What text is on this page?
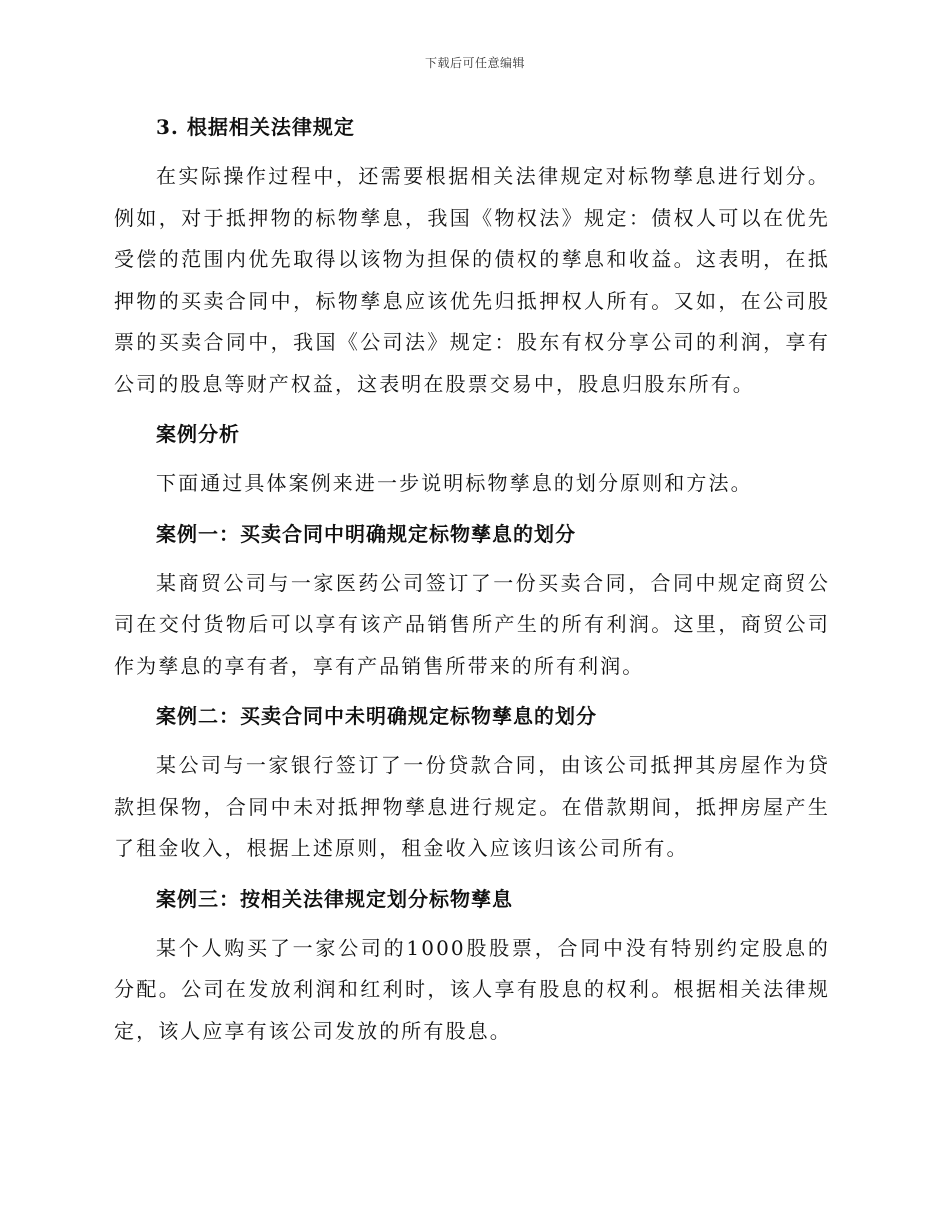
下载后可任意编辑

3. 根据相关法律规定

在实际操作过程中，还需要根据相关法律规定对标物孳息进行划分。例如，对于抵押物的标物孳息，我国《物权法》规定：债权人可以在优先受偿的范围内优先取得以该物为担保的债权的孳息和收益。这表明，在抵押物的买卖合同中，标物孳息应该优先归抵押权人所有。又如，在公司股票的买卖合同中，我国《公司法》规定：股东有权分享公司的利润，享有公司的股息等财产权益，这表明在股票交易中，股息归股东所有。

案例分析

下面通过具体案例来进一步说明标物孳息的划分原则和方法。

案例一：买卖合同中明确规定标物孳息的划分

某商贸公司与一家医药公司签订了一份买卖合同，合同中规定商贸公司在交付货物后可以享有该产品销售所产生的所有利润。这里，商贸公司作为孳息的享有者，享有产品销售所带来的所有利润。

案例二：买卖合同中未明确规定标物孳息的划分

某公司与一家银行签订了一份贷款合同，由该公司抵押其房屋作为贷款担保物，合同中未对抵押物孳息进行规定。在借款期间，抵押房屋产生了租金收入，根据上述原则，租金收入应该归该公司所有。

案例三：按相关法律规定划分标物孳息

某个人购买了一家公司的1000股股票，合同中没有特别约定股息的分配。公司在发放利润和红利时，该人享有股息的权利。根据相关法律规定，该人应享有该公司发放的所有股息。
